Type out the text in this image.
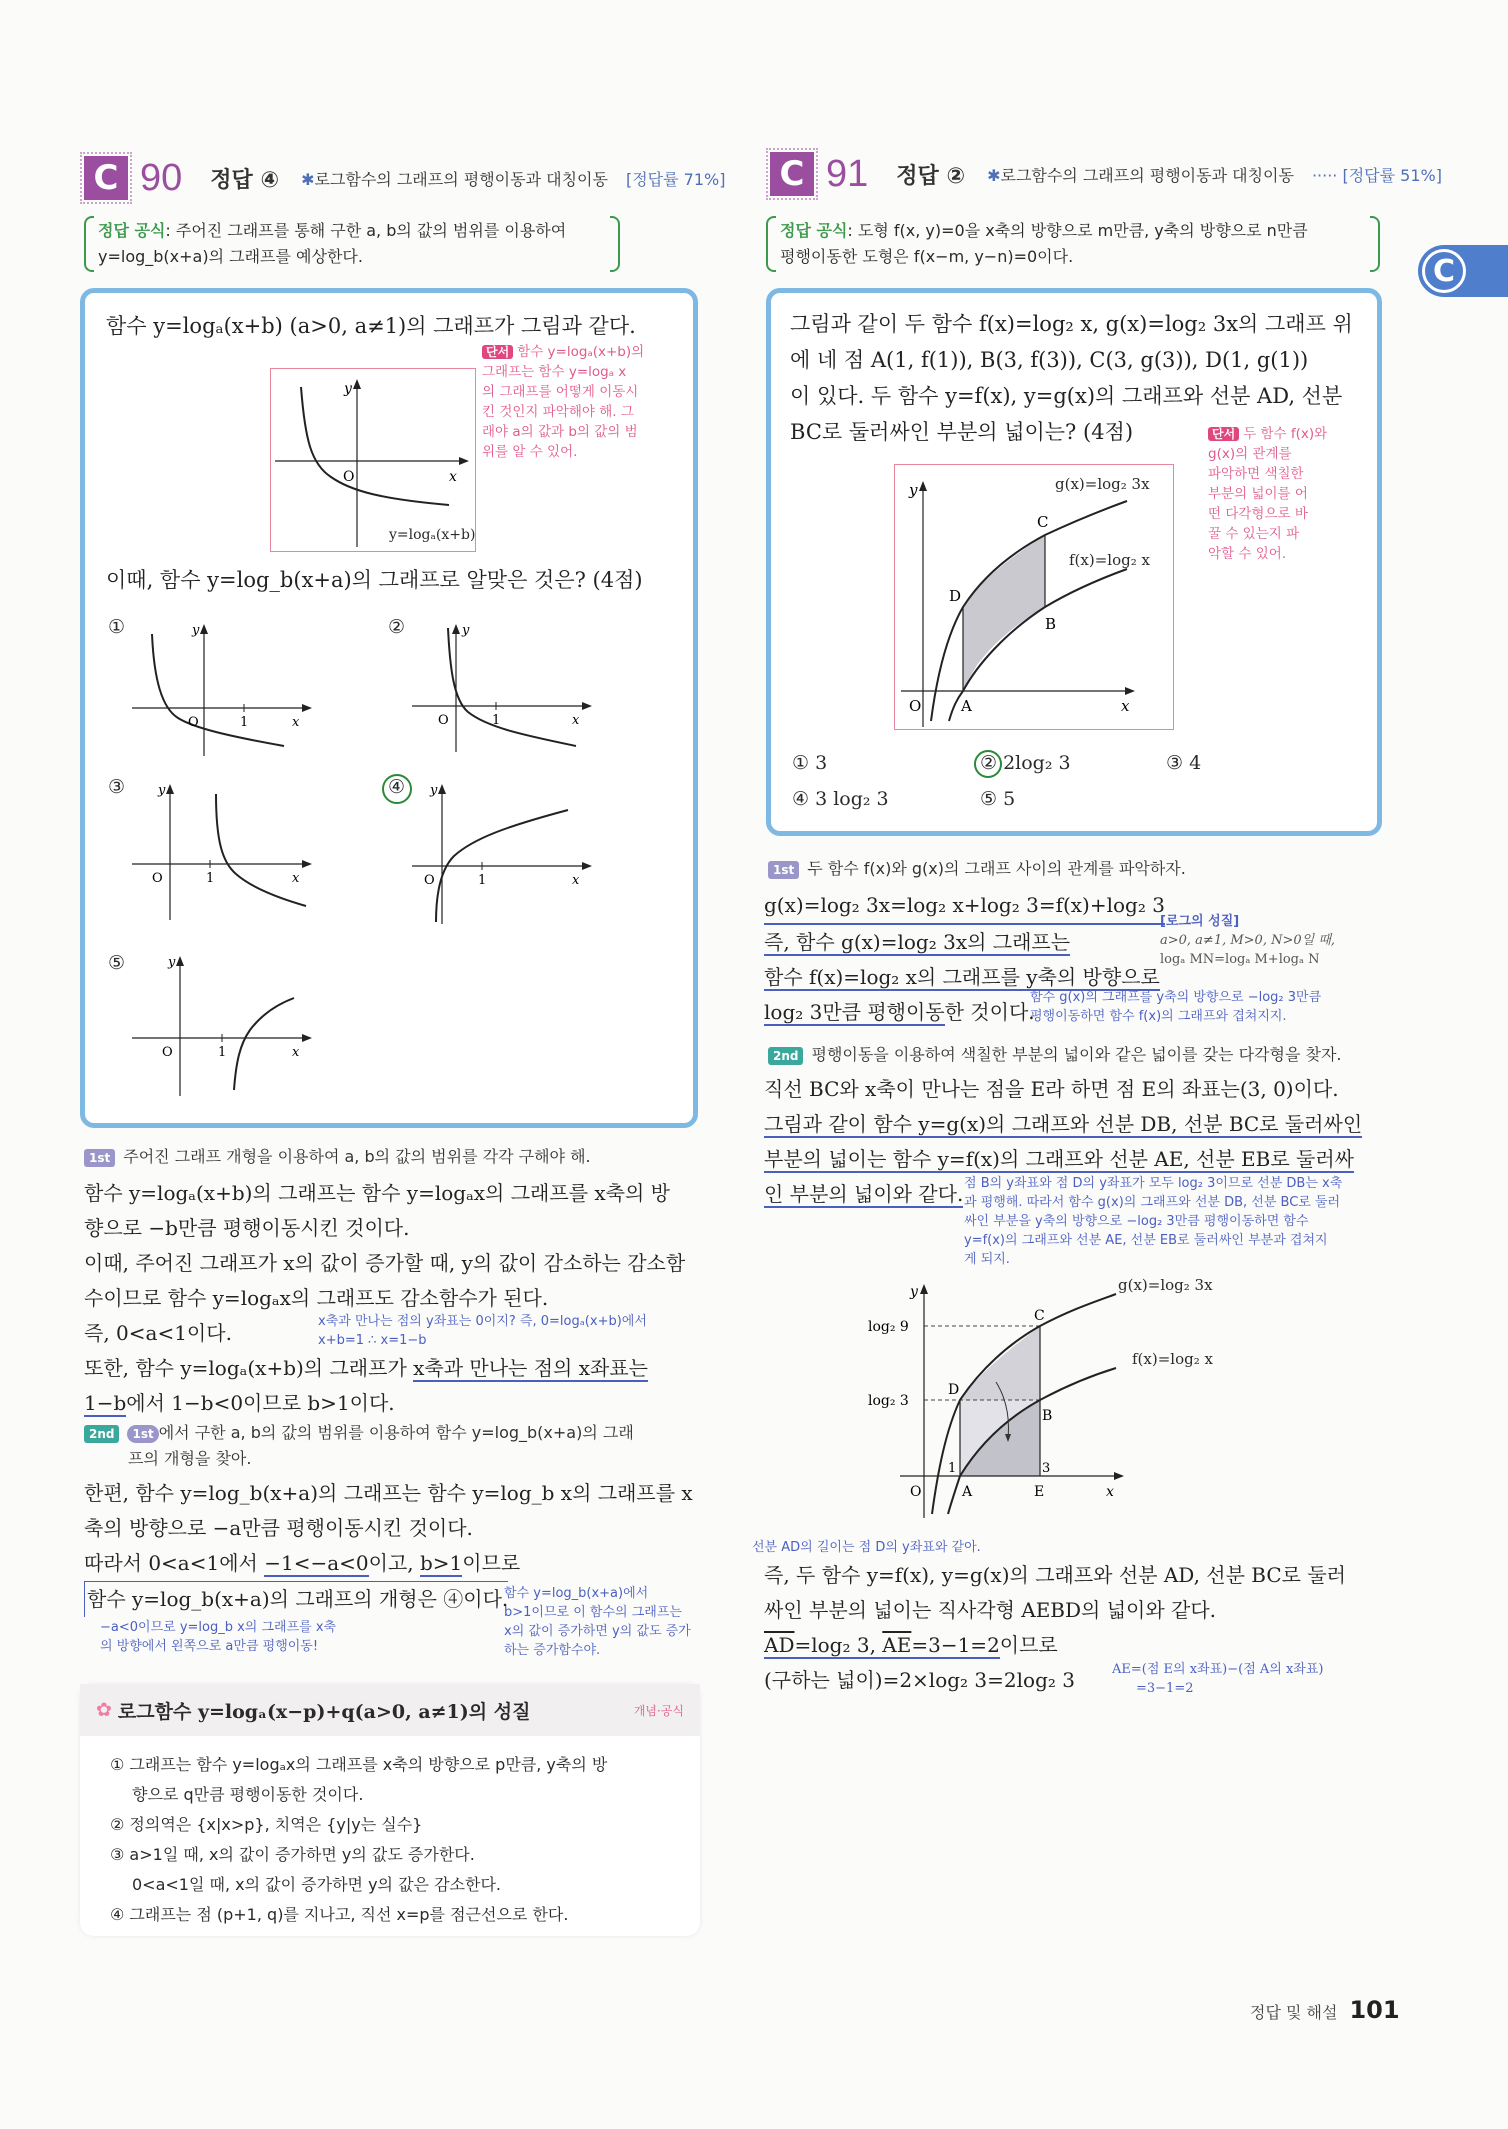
C
C 90 정답 ④ ✱로그함수의 그래프의 평행이동과 대칭이동 [정답률 71%]
정답 공식: 주어진 그래프를 통해 구한 a, b의 값의 범위를 이용하여
y=log_b(x+a)의 그래프를 예상한다.
함수 y=logₐ(x+b) (a>0, a≠1)의 그래프가 그림과 같다.
단서 함수 y=logₐ(x+b)의
그래프는 함수 y=logₐ x
의 그래프를 어떻게 이동시
킨 것인지 파악해야 해. 그
래야 a의 값과 b의 값의 범
위를 알 수 있어.
O	x
y
y=logₐ(x+b)
이때, 함수 y=log_b(x+a)의 그래프로 알맞은 것은? (4점)
①
O	1	x
y	②
O	1	x
y
③
O	1	x
y	④
O	1	x
y
⑤
O	1	x
y
1st 주어진 그래프 개형을 이용하여 a, b의 값의 범위를 각각 구해야 해.
함수 y=logₐ(x+b)의 그래프는 함수 y=logₐx의 그래프를 x축의 방
향으로 −b만큼 평행이동시킨 것이다.
이때, 주어진 그래프가 x의 값이 증가할 때, y의 값이 감소하는 감소함
수이므로 함수 y=logₐx의 그래프도 감소함수가 된다.
즉, 0<a<1이다.
또한, 함수 y=logₐ(x+b)의 그래프가 x축과 만나는 점의 x좌표는
1−b에서 1−b<0이므로 b>1이다.
x축과 만나는 점의 y좌표는 0이지? 즉, 0=logₐ(x+b)에서
x+b=1 ∴ x=1−b
2nd 1st 에서 구한 a, b의 값의 범위를 이용하여 함수 y=log_b(x+a)의 그래
프의 개형을 찾아.
한편, 함수 y=log_b(x+a)의 그래프는 함수 y=log_b x의 그래프를 x
축의 방향으로 −a만큼 평행이동시킨 것이다.
따라서 0<a<1에서 −1<−a<0이고, b>1이므로
함수 y=log_b(x+a)의 그래프의 개형은 ④이다.
−a<0이므로 y=log_b x의 그래프를 x축
의 방향에서 왼쪽으로 a만큼 평행이동!
함수 y=log_b(x+a)에서
b>1이므로 이 함수의 그래프는
x의 값이 증가하면 y의 값도 증가
하는 증가함수야.
✿ 로그함수 y=logₐ(x−p)+q(a>0, a≠1)의 성질	개념·공식
① 그래프는 함수 y=logₐx의 그래프를 x축의 방향으로 p만큼, y축의 방
향으로 q만큼 평행이동한 것이다.
② 정의역은 {x|x>p}, 치역은 {y|y는 실수}
③ a>1일 때, x의 값이 증가하면 y의 값도 증가한다.
0<a<1일 때, x의 값이 증가하면 y의 값은 감소한다.
④ 그래프는 점 (p+1, q)를 지나고, 직선 x=p를 점근선으로 한다.
C 91 정답 ② ✱로그함수의 그래프의 평행이동과 대칭이동 ····· [정답률 51%]
정답 공식: 도형 f(x, y)=0을 x축의 방향으로 m만큼, y축의 방향으로 n만큼
평행이동한 도형은 f(x−m, y−n)=0이다.
그림과 같이 두 함수 f(x)=log₂ x, g(x)=log₂ 3x의 그래프 위
에 네 점 A(1, f(1)), B(3, f(3)), C(3, g(3)), D(1, g(1))
이 있다. 두 함수 y=f(x), y=g(x)의 그래프와 선분 AD, 선분
BC로 둘러싸인 부분의 넓이는? (4점)	단서 두 함수 f(x)와
g(x)의 관계를
파악하면 색칠한
부분의 넓이를 어
떤 다각형으로 바
꿀 수 있는지 파
악할 수 있어.
O	A
B
C
D
x
y	g(x)=log₂ 3x
f(x)=log₂ x
① 3	② 2log₂ 3	③ 4
④ 3 log₂ 3	⑤ 5
1st 두 함수 f(x)와 g(x)의 그래프 사이의 관계를 파악하자.
g(x)=log₂ 3x=log₂ x+log₂ 3=f(x)+log₂ 3
즉, 함수 g(x)=log₂ 3x의 그래프는
함수 f(x)=log₂ x의 그래프를 y축의 방향으로
log₂ 3만큼 평행이동한 것이다.
[로그의 성질]
a>0, a≠1, M>0, N>0일 때,
logₐ MN=logₐ M+logₐ N
함수 g(x)의 그래프를 y축의 방향으로 −log₂ 3만큼
평행이동하면 함수 f(x)의 그래프와 겹쳐지지.
2nd 평행이동을 이용하여 색칠한 부분의 넓이와 같은 넓이를 갖는 다각형을 찾자.
직선 BC와 x축이 만나는 점을 E라 하면 점 E의 좌표는(3, 0)이다.
그림과 같이 함수 y=g(x)의 그래프와 선분 DB, 선분 BC로 둘러싸인
부분의 넓이는 함수 y=f(x)의 그래프와 선분 AE, 선분 EB로 둘러싸
인 부분의 넓이와 같다. 점 B의 y좌표와 점 D의 y좌표가 모두 log₂ 3이므로 선분 DB는 x축
과 평행해. 따라서 함수 g(x)의 그래프와 선분 DB, 선분 BC로 둘러
싸인 부분을 y축의 방향으로 −log₂ 3만큼 평행이동하면 함수
y=f(x)의 그래프와 선분 AE, 선분 EB로 둘러싸인 부분과 겹쳐지
게 되지.
O	A	E
B
C
D
1	3
x
y
log₂ 9
log₂ 3
g(x)=log₂ 3x
f(x)=log₂ x
선분 AD의 길이는 점 D의 y좌표와 같아.
즉, 두 함수 y=f(x), y=g(x)의 그래프와 선분 AD, 선분 BC로 둘러
싸인 부분의 넓이는 직사각형 AEBD의 넓이와 같다.
$\overline{AD}=\log_2$ 3, $\overline{AE}=3-1=2$이므로
(구하는 넓이)=2×log₂ 3=2log₂ 3	AE=(점 E의 x좌표)−(점 A의 x좌표)
=3−1=2
정답 및 해설 101
